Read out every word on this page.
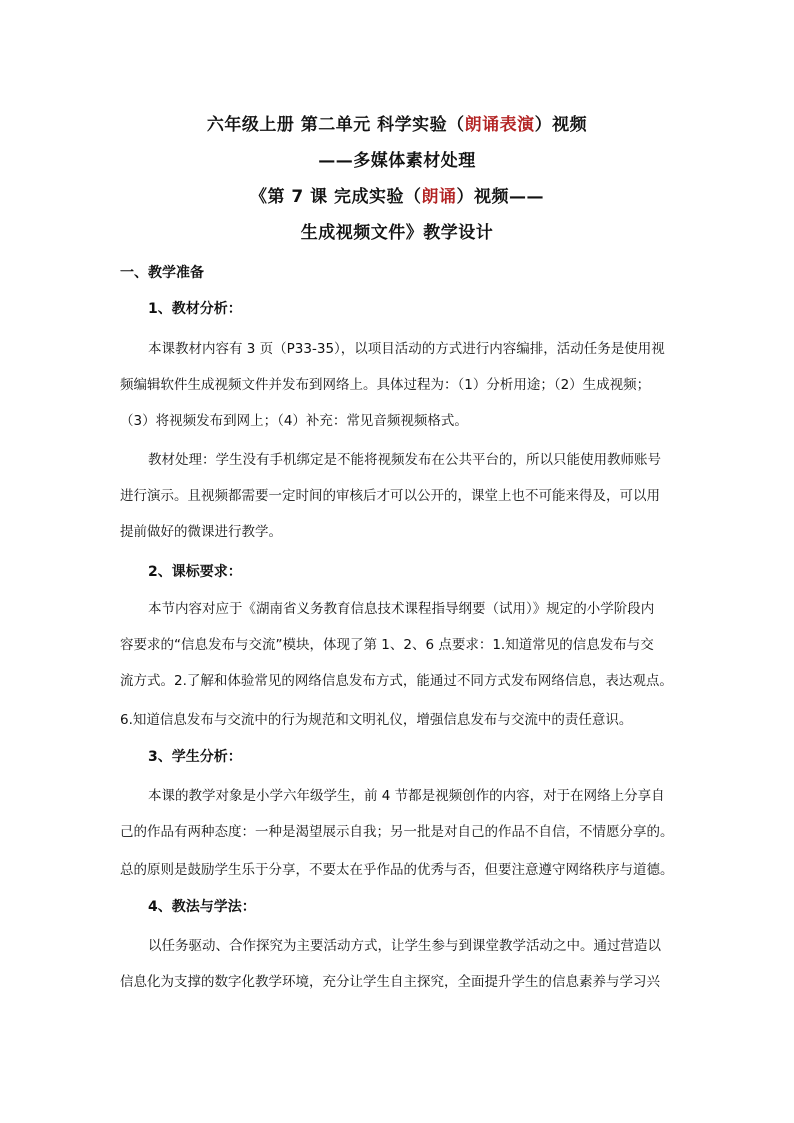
六年级上册 第二单元 科学实验（朗诵表演）视频
——多媒体素材处理
《第 7 课 完成实验（朗诵）视频——
生成视频文件》教学设计
一、教学准备
1、教材分析：
本课教材内容有 3 页（P33-35），以项目活动的方式进行内容编排，活动任务是使用视
频编辑软件生成视频文件并发布到网络上。具体过程为：（1）分析用途；（2）生成视频；
（3）将视频发布到网上；（4）补充：常见音频视频格式。
教材处理：学生没有手机绑定是不能将视频发布在公共平台的，所以只能使用教师账号
进行演示。且视频都需要一定时间的审核后才可以公开的，课堂上也不可能来得及，可以用
提前做好的微课进行教学。
2、课标要求：
本节内容对应于《湖南省义务教育信息技术课程指导纲要（试用）》规定的小学阶段内
容要求的“信息发布与交流”模块，体现了第 1、2、6 点要求：1.知道常见的信息发布与交
流方式。2.了解和体验常见的网络信息发布方式，能通过不同方式发布网络信息，表达观点。
6.知道信息发布与交流中的行为规范和文明礼仪，增强信息发布与交流中的责任意识。
3、学生分析：
本课的教学对象是小学六年级学生，前 4 节都是视频创作的内容，对于在网络上分享自
己的作品有两种态度：一种是渴望展示自我；另一批是对自己的作品不自信，不情愿分享的。
总的原则是鼓励学生乐于分享，不要太在乎作品的优秀与否，但要注意遵守网络秩序与道德。
4、教法与学法：
以任务驱动、合作探究为主要活动方式，让学生参与到课堂教学活动之中。通过营造以
信息化为支撑的数字化教学环境，充分让学生自主探究，全面提升学生的信息素养与学习兴
